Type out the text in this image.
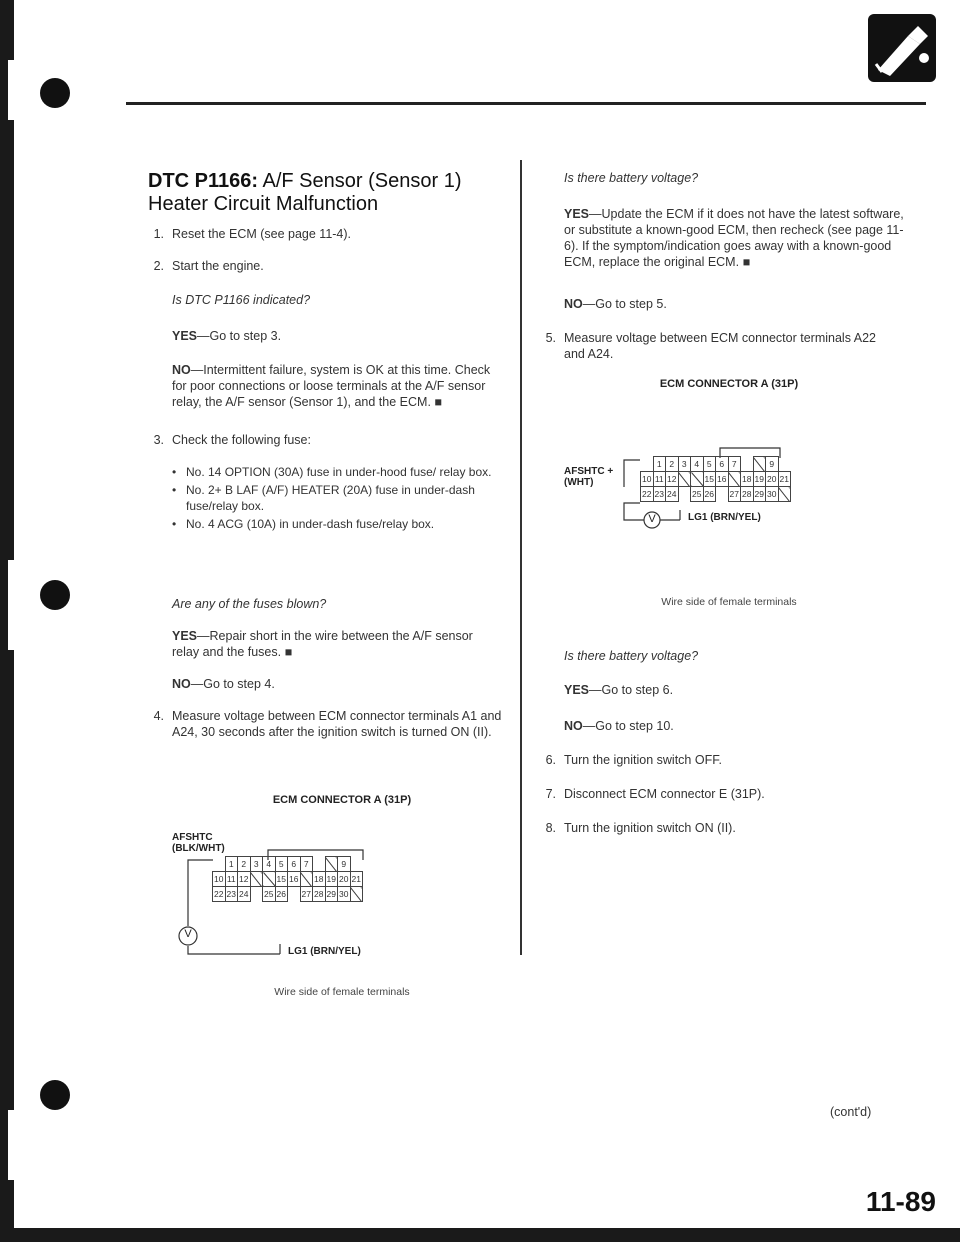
DTC P1166: A/F Sensor (Sensor 1) Heater Circuit Malfunction
1. Reset the ECM (see page 11-4).
2. Start the engine.
Is DTC P1166 indicated?
YES—Go to step 3.
NO—Intermittent failure, system is OK at this time. Check for poor connections or loose terminals at the A/F sensor relay, the A/F sensor (Sensor 1), and the ECM. ■
3. Check the following fuse:
• No. 14 OPTION (30A) fuse in under-hood fuse/ relay box.
• No. 2+ B LAF (A/F) HEATER (20A) fuse in under-dash fuse/relay box.
• No. 4 ACG (10A) in under-dash fuse/relay box.
Are any of the fuses blown?
YES—Repair short in the wire between the A/F sensor relay and the fuses. ■
NO—Go to step 4.
4. Measure voltage between ECM connector terminals A1 and A24, 30 seconds after the ignition switch is turned ON (II).
ECM CONNECTOR A (31P)
AFSHTC (BLK/WHT)
V
	1	2	3	4	5	6	7			9	
10	11	12			15	16		18	19	20	21
22	23	24		25	26		27	28	29	30	
LG1 (BRN/YEL)
Wire side of female terminals
Is there battery voltage?
YES—Update the ECM if it does not have the latest software, or substitute a known-good ECM, then recheck (see page 11-6). If the symptom/indication goes away with a known-good ECM, replace the original ECM. ■
NO—Go to step 5.
5. Measure voltage between ECM connector terminals A22 and A24.
ECM CONNECTOR A (31P)
AFSHTC + (WHT)
V
	1	2	3	4	5	6	7			9	
10	11	12			15	16		18	19	20	21
22	23	24		25	26		27	28	29	30	
LG1 (BRN/YEL)
Wire side of female terminals
Is there battery voltage?
YES—Go to step 6.
NO—Go to step 10.
6. Turn the ignition switch OFF.
7. Disconnect ECM connector E (31P).
8. Turn the ignition switch ON (II).
(cont'd)
11-89
